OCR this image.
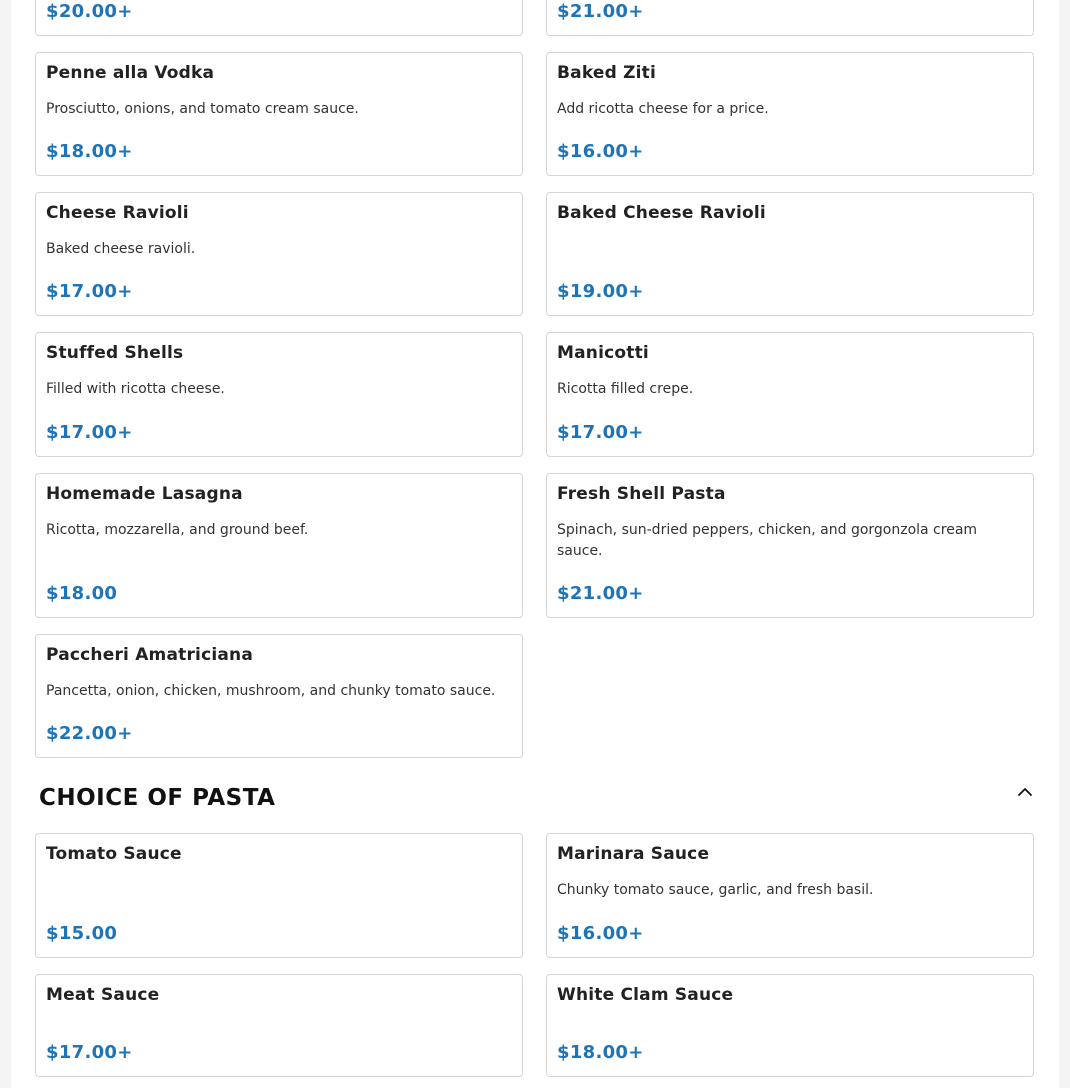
$20.00+	$21.00+
Penne alla Vodka
Prosciutto, onions, and tomato cream sauce.
$18.00+
Baked Ziti
Add ricotta cheese for a price.
$16.00+
Cheese Ravioli
Baked cheese ravioli.
$17.00+
Baked Cheese Ravioli
$19.00+
Stuffed Shells
Filled with ricotta cheese.
$17.00+
Manicotti
Ricotta filled crepe.
$17.00+
Homemade Lasagna
Ricotta, mozzarella, and ground beef.
$18.00
Fresh Shell Pasta
Spinach, sun-dried peppers, chicken, and gorgonzola cream sauce.
$21.00+
Paccheri Amatriciana
Pancetta, onion, chicken, mushroom, and chunky tomato sauce.
$22.00+
CHOICE OF PASTA
Tomato Sauce
$15.00
Marinara Sauce
Chunky tomato sauce, garlic, and fresh basil.
$16.00+
Meat Sauce
$17.00+
White Clam Sauce
$18.00+
